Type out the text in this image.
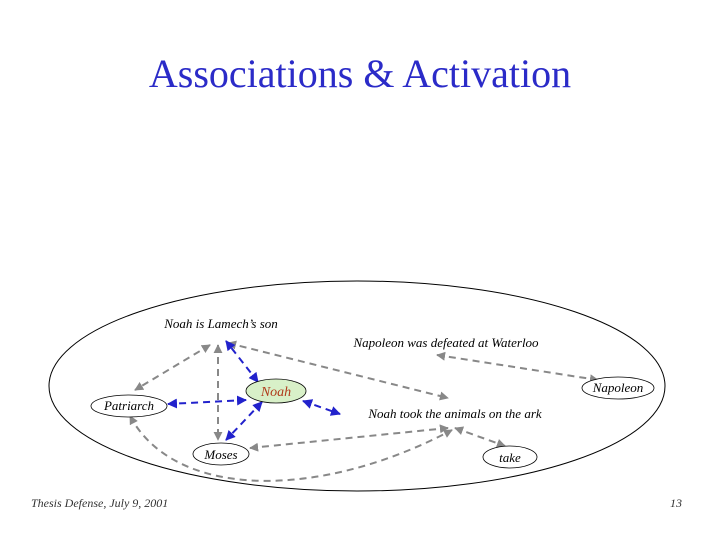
Associations & Activation
Noah is Lamech’s son
Napoleon was defeated at Waterloo
Noah	Napoleon
Patriarch
Noah took the animals on the ark
Moses	take
Thesis Defense, July 9, 2001	13
